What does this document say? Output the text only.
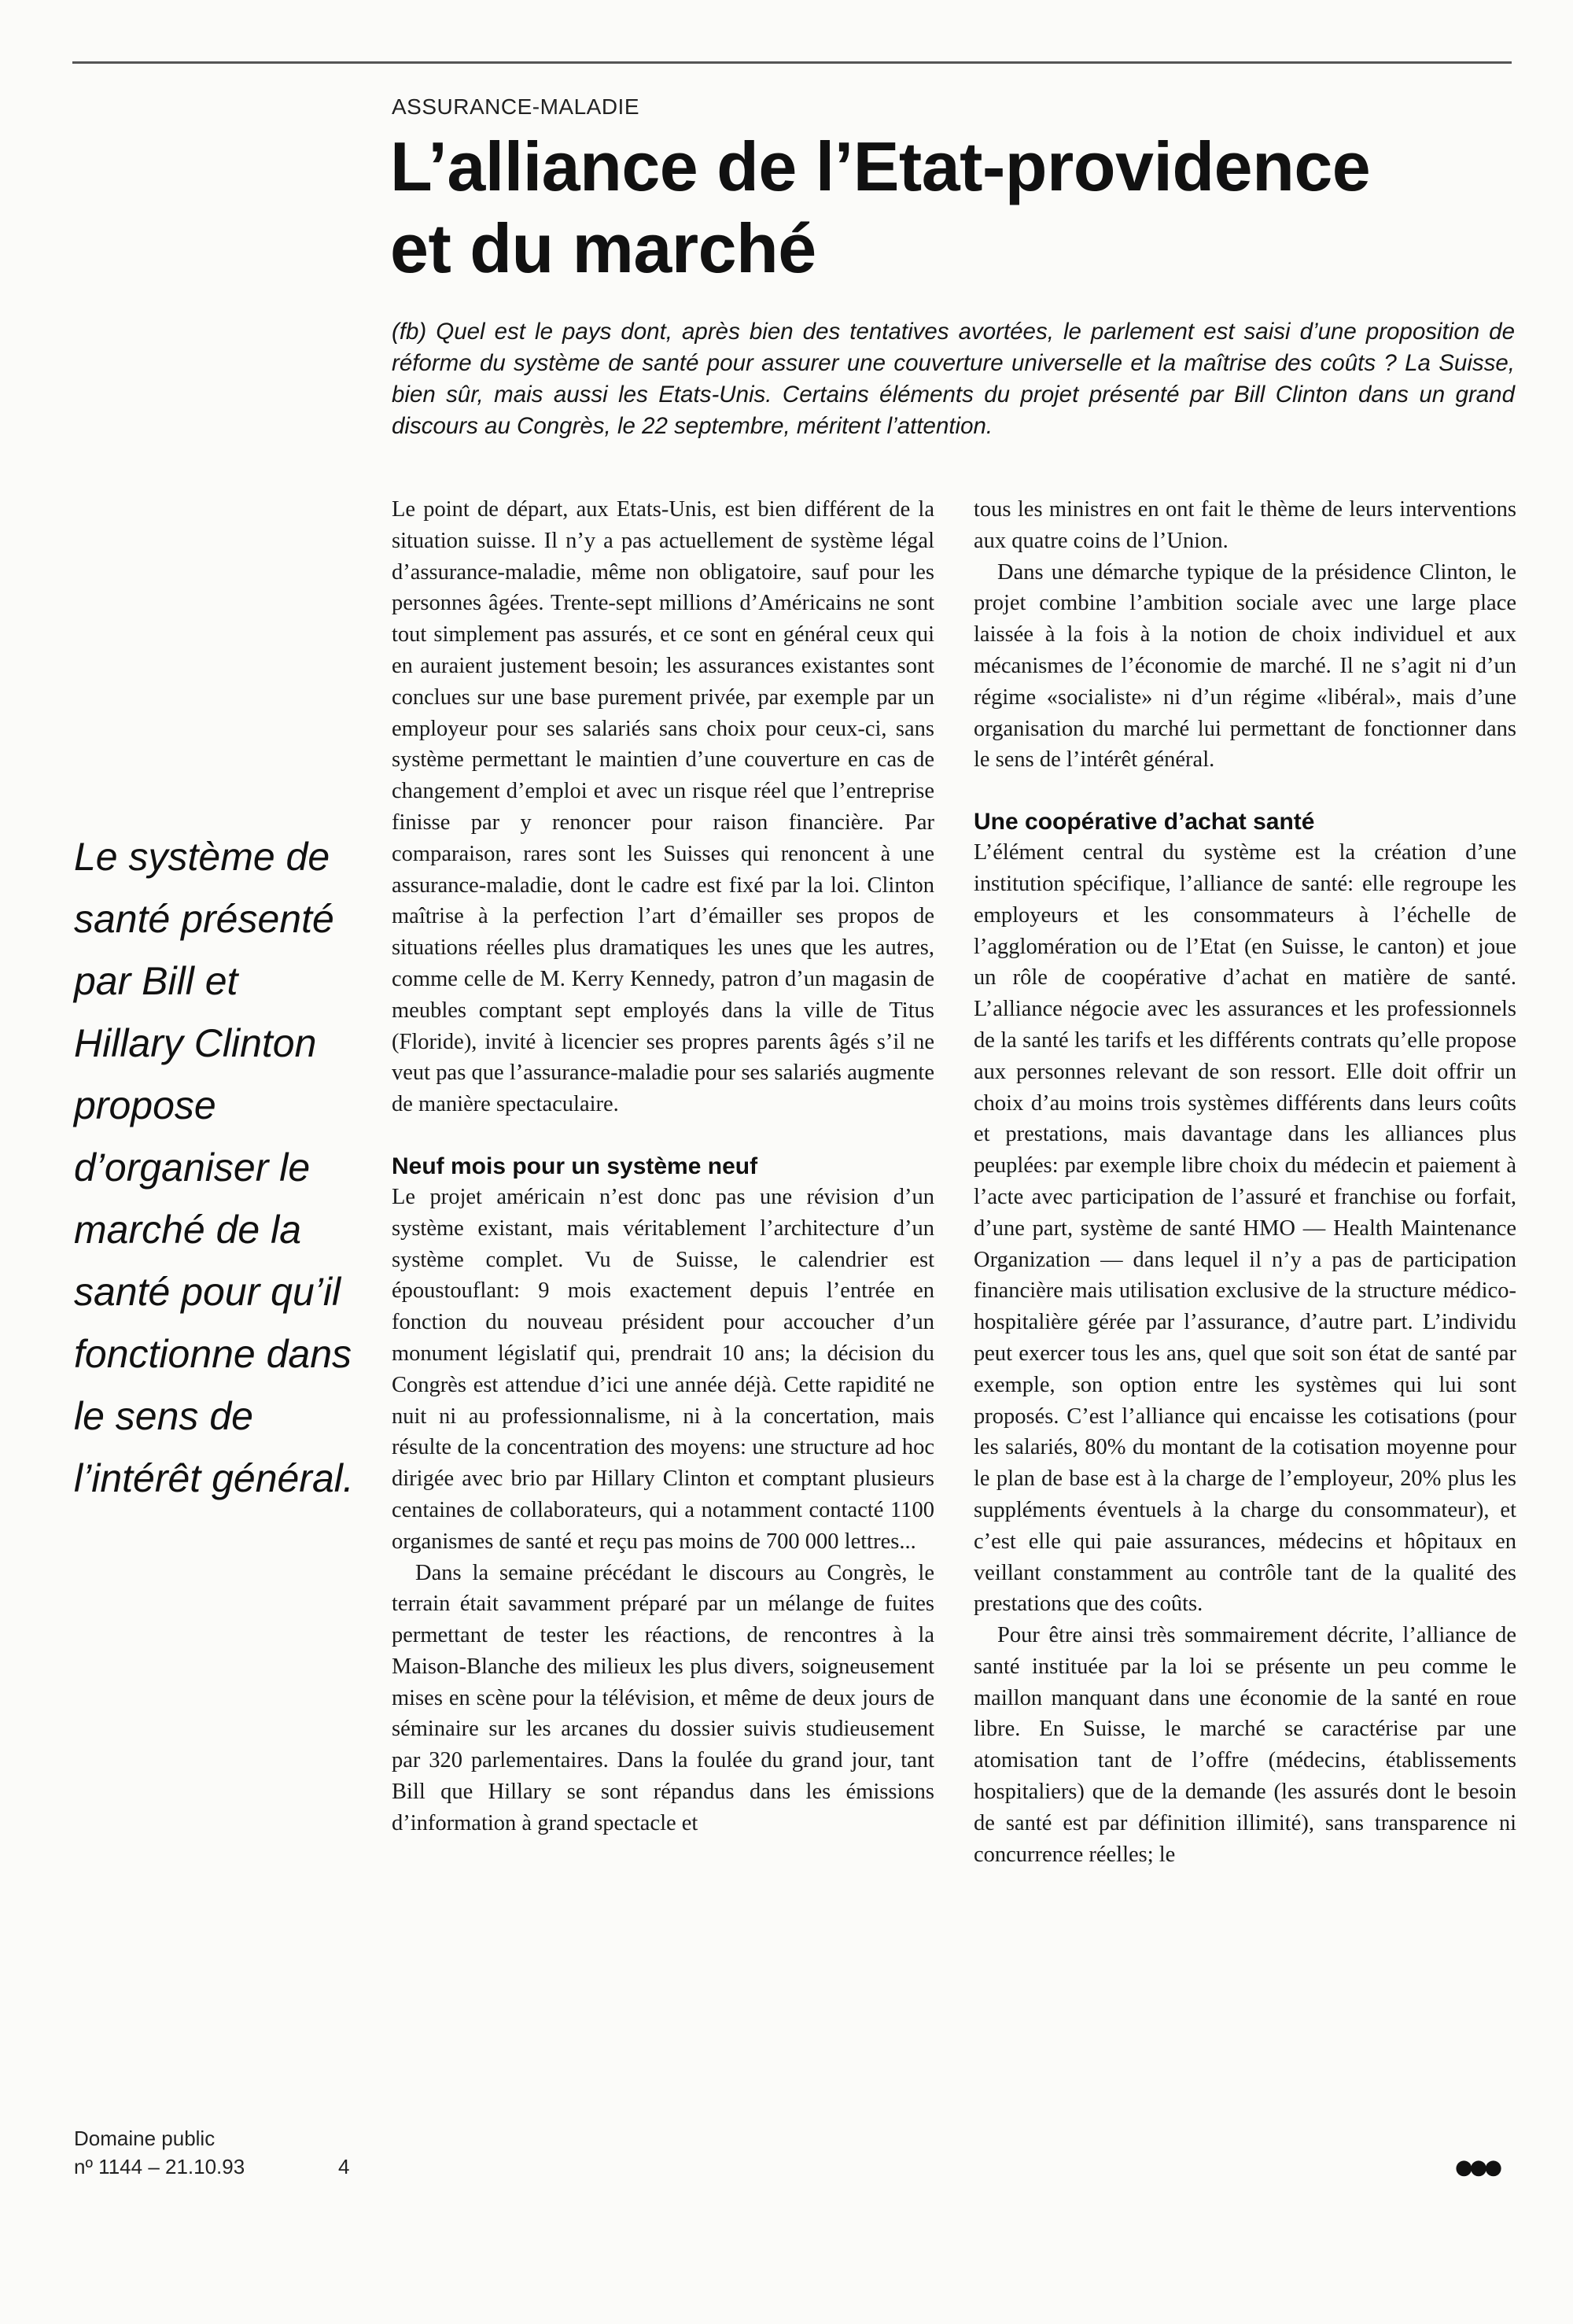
ASSURANCE-MALADIE
L’alliance de l’Etat-providence
et du marché

(fb) Quel est le pays dont, après bien des tentatives avortées, le parlement est saisi d’une proposition de réforme du système de santé pour assurer une couverture universelle et la maîtrise des coûts ? La Suisse, bien sûr, mais aussi les Etats-Unis. Certains éléments du projet présenté par Bill Clinton dans un grand discours au Congrès, le 22 septembre, méritent l’attention.

Le système de santé présenté par Bill et Hillary Clinton propose d’organiser le marché de la santé pour qu’il fonctionne dans le sens de l’intérêt général.

Le point de départ, aux Etats-Unis, est bien différent de la situation suisse. Il n’y a pas actuellement de système légal d’assurance-maladie, même non obligatoire, sauf pour les personnes âgées. Trente-sept millions d’Américains ne sont tout simplement pas assurés, et ce sont en général ceux qui en auraient justement besoin; les assurances existantes sont conclues sur une base purement privée, par exemple par un employeur pour ses salariés sans choix pour ceux-ci, sans système permettant le maintien d’une couverture en cas de changement d’emploi et avec un risque réel que l’entreprise finisse par y renoncer pour raison financière. Par comparaison, rares sont les Suisses qui renoncent à une assurance-maladie, dont le cadre est fixé par la loi. Clinton maîtrise à la perfection l’art d’émailler ses propos de situations réelles plus dramatiques les unes que les autres, comme celle de M. Kerry Kennedy, patron d’un magasin de meubles comptant sept employés dans la ville de Titus (Floride), invité à licencier ses propres parents âgés s’il ne veut pas que l’assurance-maladie pour ses salariés augmente de manière spectaculaire.

Neuf mois pour un système neuf

Le projet américain n’est donc pas une révision d’un système existant, mais véritablement l’architecture d’un système complet. Vu de Suisse, le calendrier est époustouflant: 9 mois exactement depuis l’entrée en fonction du nouveau président pour accoucher d’un monument législatif qui, prendrait 10 ans; la décision du Congrès est attendue d’ici une année déjà. Cette rapidité ne nuit ni au professionnalisme, ni à la concertation, mais résulte de la concentration des moyens: une structure ad hoc dirigée avec brio par Hillary Clinton et comptant plusieurs centaines de collaborateurs, qui a notamment contacté 1100 organismes de santé et reçu pas moins de 700 000 lettres...

Dans la semaine précédant le discours au Congrès, le terrain était savamment préparé par un mélange de fuites permettant de tester les réactions, de rencontres à la Maison-Blanche des milieux les plus divers, soigneusement mises en scène pour la télévision, et même de deux jours de séminaire sur les arcanes du dossier suivis studieusement par 320 parlementaires. Dans la foulée du grand jour, tant Bill que Hillary se sont répandus dans les émissions d’information à grand spectacle et

tous les ministres en ont fait le thème de leurs interventions aux quatre coins de l’Union.

Dans une démarche typique de la présidence Clinton, le projet combine l’ambition sociale avec une large place laissée à la fois à la notion de choix individuel et aux mécanismes de l’économie de marché. Il ne s’agit ni d’un régime «socialiste» ni d’un régime «libéral», mais d’une organisation du marché lui permettant de fonctionner dans le sens de l’intérêt général.

Une coopérative d’achat santé

L’élément central du système est la création d’une institution spécifique, l’alliance de santé: elle regroupe les employeurs et les consommateurs à l’échelle de l’agglomération ou de l’Etat (en Suisse, le canton) et joue un rôle de coopérative d’achat en matière de santé. L’alliance négocie avec les assurances et les professionnels de la santé les tarifs et les différents contrats qu’elle propose aux personnes relevant de son ressort. Elle doit offrir un choix d’au moins trois systèmes différents dans leurs coûts et prestations, mais davantage dans les alliances plus peuplées: par exemple libre choix du médecin et paiement à l’acte avec participation de l’assuré et franchise ou forfait, d’une part, système de santé HMO — Health Maintenance Organization — dans lequel il n’y a pas de participation financière mais utilisation exclusive de la structure médico-hospitalière gérée par l’assurance, d’autre part. L’individu peut exercer tous les ans, quel que soit son état de santé par exemple, son option entre les systèmes qui lui sont proposés. C’est l’alliance qui encaisse les cotisations (pour les salariés, 80% du montant de la cotisation moyenne pour le plan de base est à la charge de l’employeur, 20% plus les suppléments éventuels à la charge du consommateur), et c’est elle qui paie assurances, médecins et hôpitaux en veillant constamment au contrôle tant de la qualité des prestations que des coûts.

Pour être ainsi très sommairement décrite, l’alliance de santé instituée par la loi se présente un peu comme le maillon manquant dans une économie de la santé en roue libre. En Suisse, le marché se caractérise par une atomisation tant de l’offre (médecins, établissements hospitaliers) que de la demande (les assurés dont le besoin de santé est par définition illimité), sans transparence ni concurrence réelles; le

Domaine public
nº 1144 – 21.10.93	4	●●●
